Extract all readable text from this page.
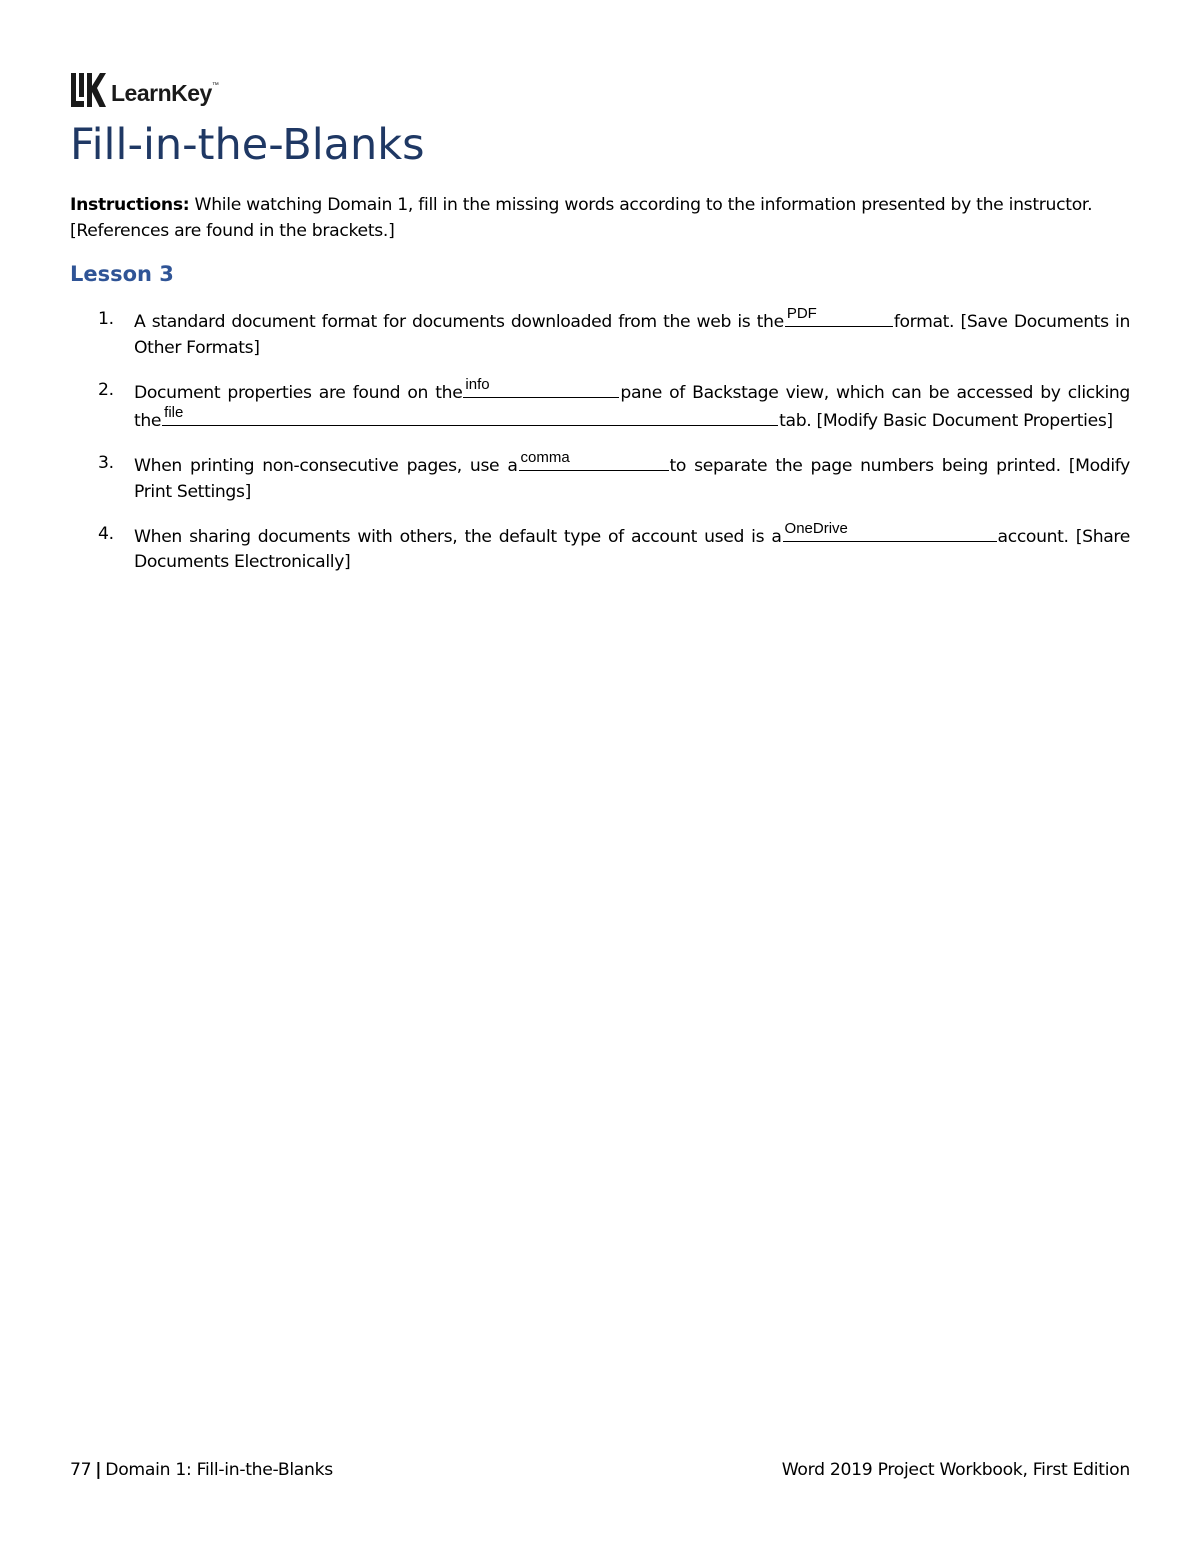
LearnKey™
Fill-in-the-Blanks
Instructions: While watching Domain 1, fill in the missing words according to the information presented by the instructor. [References are found in the brackets.]
Lesson 3
1. A standard document format for documents downloaded from the web is the PDF	format. [Save Documents in Other Formats]
2. Document properties are found on the info	pane of Backstage view, which can be accessed by clicking the file	tab. [Modify Basic Document Properties]
3. When printing non-consecutive pages, use a comma	to separate the page numbers being printed. [Modify Print Settings]
4. When sharing documents with others, the default type of account used is a OneDrive	account. [Share Documents Electronically]
77 | Domain 1: Fill-in-the-Blanks	Word 2019 Project Workbook, First Edition
